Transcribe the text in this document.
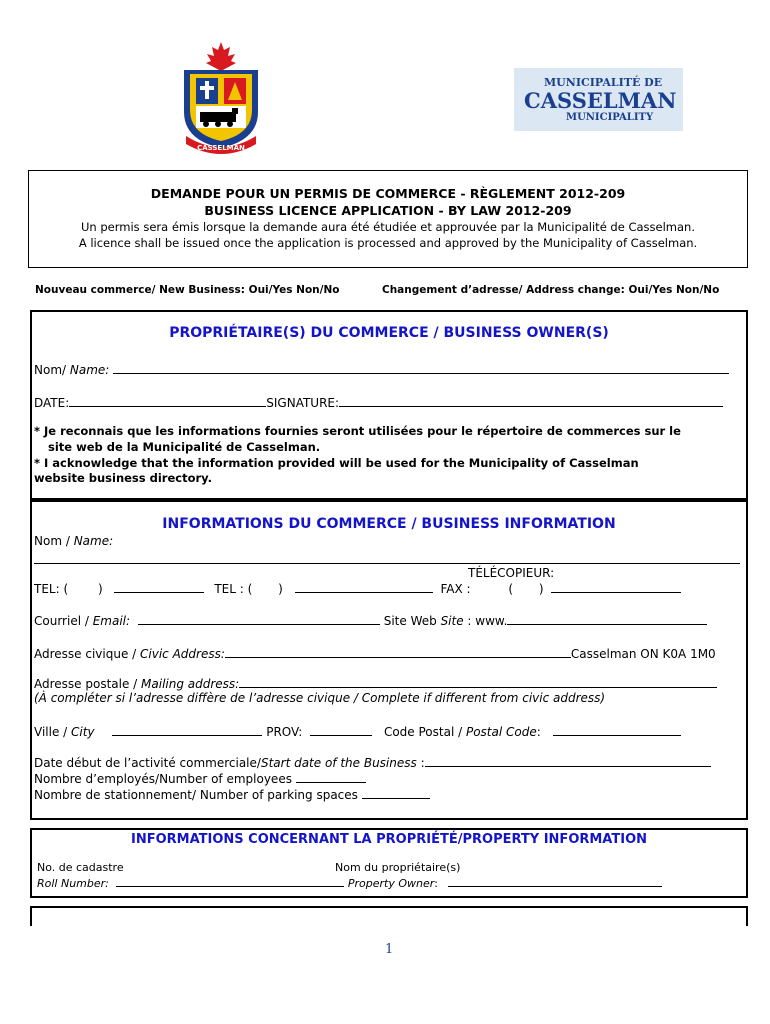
CASSELMAN
MUNICIPALITÉ DE
CASSELMAN
MUNICIPALITY
DEMANDE POUR UN PERMIS DE COMMERCE - RÈGLEMENT 2012-209
BUSINESS LICENCE APPLICATION - BY LAW 2012-209
Un permis sera émis lorsque la demande aura été étudiée et approuvée par la Municipalité de Casselman.
A licence shall be issued once the application is processed and approved by the Municipality of Casselman.
Nouveau commerce/ New Business: Oui/Yes Non/No	Changement d’adresse/ Address change: Oui/Yes Non/No
PROPRIÉTAIRE(S) DU COMMERCE / BUSINESS OWNER(S)
Nom/ Name:
DATE:	SIGNATURE:
* Je reconnais que les informations fournies seront utilisées pour le répertoire de commerces sur le
site web de la Municipalité de Casselman.
* I acknowledge that the information provided will be used for the Municipality of Casselman
website business directory.
INFORMATIONS DU COMMERCE / BUSINESS INFORMATION
Nom / Name:
TÉLÉCOPIEUR:
TEL: ( )	TEL : ( )	FAX :	( )
Courriel / Email:	Site Web Site : www.
Adresse civique / Civic Address:	Casselman ON K0A 1M0
Adresse postale / Mailing address:
(À compléter si l’adresse diffère de l’adresse civique / Complete if different from civic address)
Ville / City	PROV:	Code Postal / Postal Code:
Date début de l’activité commerciale/Start date of the Business :
Nombre d’employés/Number of employees
Nombre de stationnement/ Number of parking spaces
INFORMATIONS CONCERNANT LA PROPRIÉTÉ/PROPERTY INFORMATION
No. de cadastre	Nom du propriétaire(s)
Roll Number:	Property Owner:
1
